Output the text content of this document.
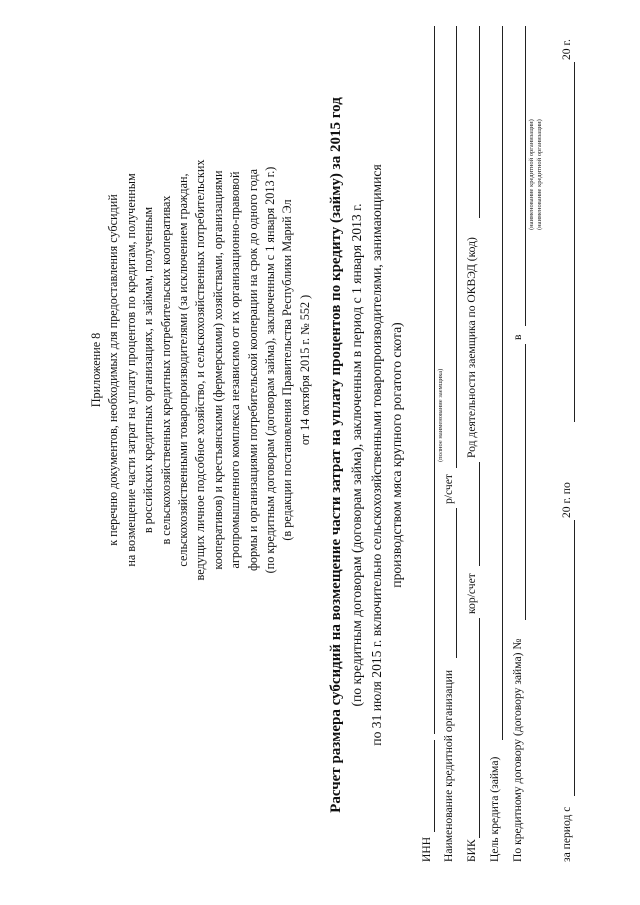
Приложение 8 к перечню документов, необходимых для предоставления субсидий на возмещение части затрат на уплату процентов по кредитам, полученным в российских кредитных организациях, и займам, полученным в сельскохозяйственных кредитных потребительских кооперативах сельскохозяйственными товаропроизводителями (за исключением граждан, ведущих личное подсобное хозяйство, и сельскохозяйственных потребительских кооперативов) и крестьянскими (фермерскими) хозяйствами, организациями агропромышленного комплекса независимо от их организационно-правовой формы и организациями потребительской кооперации на срок до одного года (по кредитным договорам (договорам займа), заключенным с 1 января 2013 г.) (в редакции постановления Правительства Республики Марий Эл от 14 октября 2015 г. № 552 ) Расчет размера субсидий на возмещение части затрат на уплату процентов по кредиту (займу) за 2015 год (по кредитным договорам (договорам займа), заключенным в период с 1 января 2013 г. по 31 июля 2015 г. включительно сельскохозяйственными товаропроизводителями, занимающимися производством мяса крупного рогатого скота)
ИНН
(полное наименование заемщика)
Наименование кредитной организации
р/счет
БИК
кор/счет
Род деятельности заемщика по ОКВЭД (код)
Цель кредита (займа) По кредитному договору (договору займа) №
в
(наименование кредитной организации)
за период с
20 г. по
20 г.
(наименование кредитной организации)
